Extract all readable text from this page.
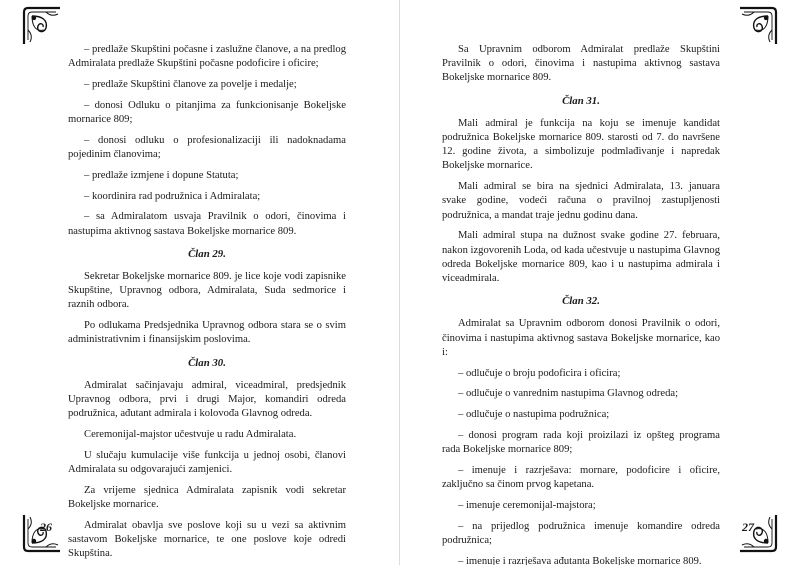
– predlaže Skupštini počasne i zaslužne članove, a na predlog Admiralata predlaže Skupštini počasne podoficire i oficire;

– predlaže Skupštini članove za povelje i medalje;

– donosi Odluku o pitanjima za funkcionisanje Bokeljske mornarice 809;

– donosi odluku o profesionalizaciji ili nadoknadama pojedinim članovima;

– predlaže izmjene i dopune Statuta;

– koordinira rad podružnica i Admiralata;

– sa Admiralatom usvaja Pravilnik o odori, činovima i nastupima aktivnog sastava Bokeljske mornarice 809.

Član 29.

Sekretar Bokeljske mornarice 809. je lice koje vodi zapisnike Skupštine, Upravnog odbora, Admiralata, Suda sedmorice i raznih odbora.

Po odlukama Predsjednika Upravnog odbora stara se o svim administrativnim i finansijskim poslovima.

Član 30.

Admiralat sačinjavaju admiral, viceadmiral, predsjednik Upravnog odbora, prvi i drugi Major, komandiri odreda podružnica, ađutant admirala i kolovođa Glavnog odreda.

Ceremonijal-majstor učestvuje u radu Admiralata.

U slučaju kumulacije više funkcija u jednoj osobi, članovi Admiralata su odgovarajući zamjenici.

Za vrijeme sjednica Admiralata zapisnik vodi sekretar Bokeljske mornarice.

Admiralat obavlja sve poslove koji su u vezi sa aktivnim sastavom Bokeljske mornarice, te one poslove koje odredi Skupština.

26

Sa Upravnim odborom Admiralat predlaže Skupštini Pravilnik o odori, činovima i nastupima aktivnog sastava Bokeljske mornarice 809.

Član 31.

Mali admiral je funkcija na koju se imenuje kandidat podružnica Bokeljske mornarice 809. starosti od 7. do navršene 12. godine života, a simbolizuje podmlađivanje i napredak Bokeljske mornarice.

Mali admiral se bira na sjednici Admiralata, 13. januara svake godine, vodeći računa o pravilnoj zastupljenosti podružnica, a mandat traje jednu godinu dana.

Mali admiral stupa na dužnost svake godine 27. februara, nakon izgovorenih Loda, od kada učestvuje u nastupima Glavnog odreda Bokeljske mornarice 809, kao i u nastupima admirala i viceadmirala.

Član 32.

Admiralat sa Upravnim odborom donosi Pravilnik o odori, činovima i nastupima aktivnog sastava Bokeljske mornarice, kao i:

– odlučuje o broju podoficira i oficira;

– odlučuje o vanrednim nastupima Glavnog odreda;

– odlučuje o nastupima podružnica;

– donosi program rada koji proizilazi iz opšteg programa rada Bokeljske mornarice 809;

– imenuje i razrješava: mornare, podoficire i oficire, zaključno sa činom prvog kapetana.

– imenuje ceremonijal-majstora;

– na prijedlog podružnica imenuje komandire odreda podružnica;

– imenuje i razrješava ađutanta Bokeljske mornarice 809.

27
